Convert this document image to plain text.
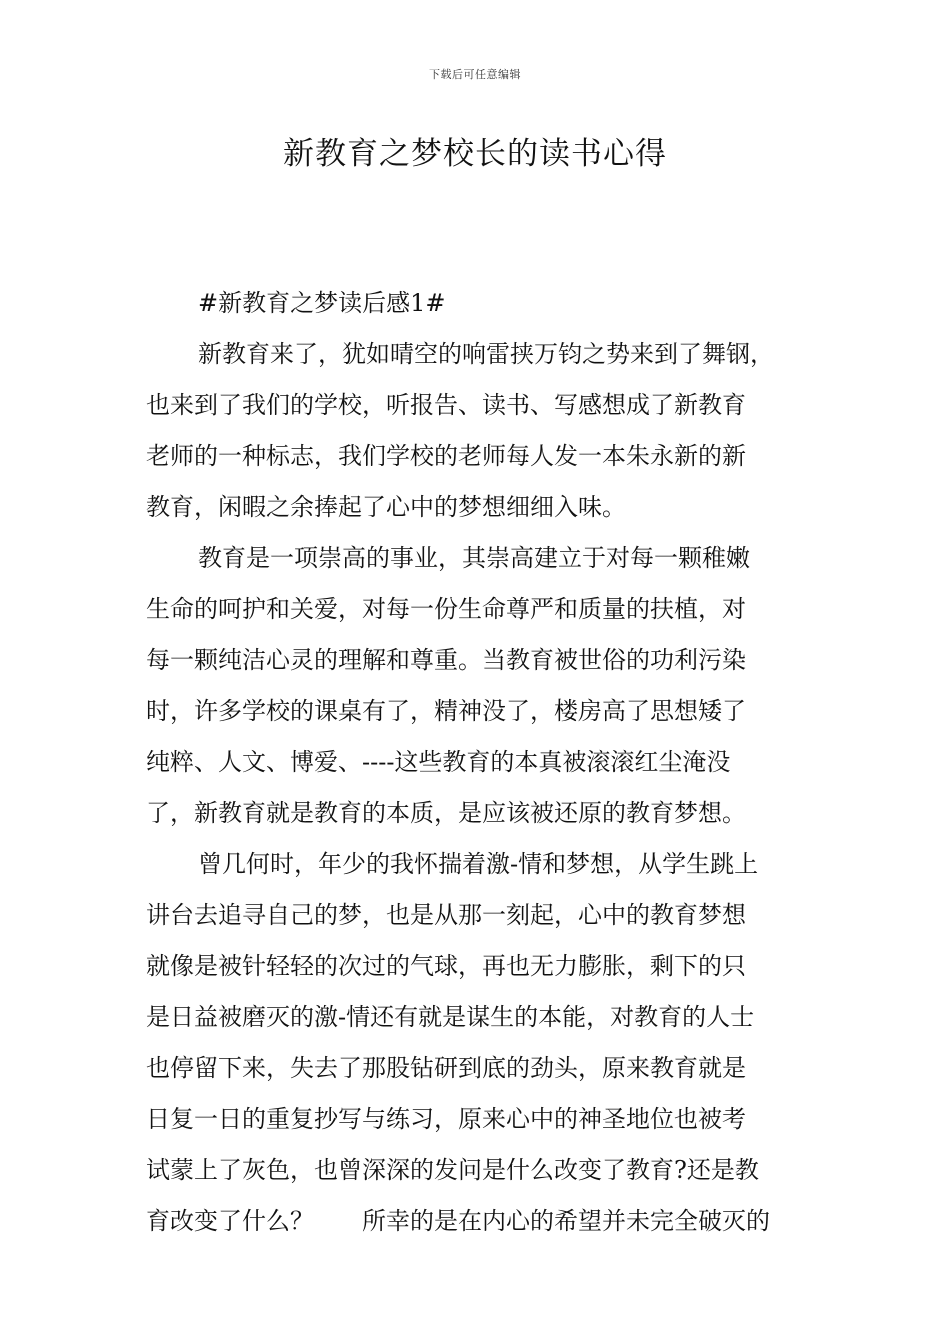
下载后可任意编辑
新教育之梦校长的读书心得
#新教育之梦读后感1#
新教育来了，犹如晴空的响雷挟万钧之势来到了舞钢，
也来到了我们的学校，听报告、读书、写感想成了新教育
老师的一种标志，我们学校的老师每人发一本朱永新的新
教育，闲暇之余捧起了心中的梦想细细入味。
教育是一项崇高的事业，其崇高建立于对每一颗稚嫩
生命的呵护和关爱，对每一份生命尊严和质量的扶植，对
每一颗纯洁心灵的理解和尊重。当教育被世俗的功利污染
时，许多学校的课桌有了，精神没了，楼房高了思想矮了
纯粹、人文、博爱、----这些教育的本真被滚滚红尘淹没
了，新教育就是教育的本质，是应该被还原的教育梦想。
曾几何时，年少的我怀揣着激-情和梦想，从学生跳上
讲台去追寻自己的梦，也是从那一刻起，心中的教育梦想
就像是被针轻轻的次过的气球，再也无力膨胀，剩下的只
是日益被磨灭的激-情还有就是谋生的本能，对教育的人士
也停留下来，失去了那股钻研到底的劲头，原来教育就是
日复一日的重复抄写与练习，原来心中的神圣地位也被考
试蒙上了灰色，也曾深深的发问是什么改变了教育?还是教
育改变了什么？　　所幸的是在内心的希望并未完全破灭的
